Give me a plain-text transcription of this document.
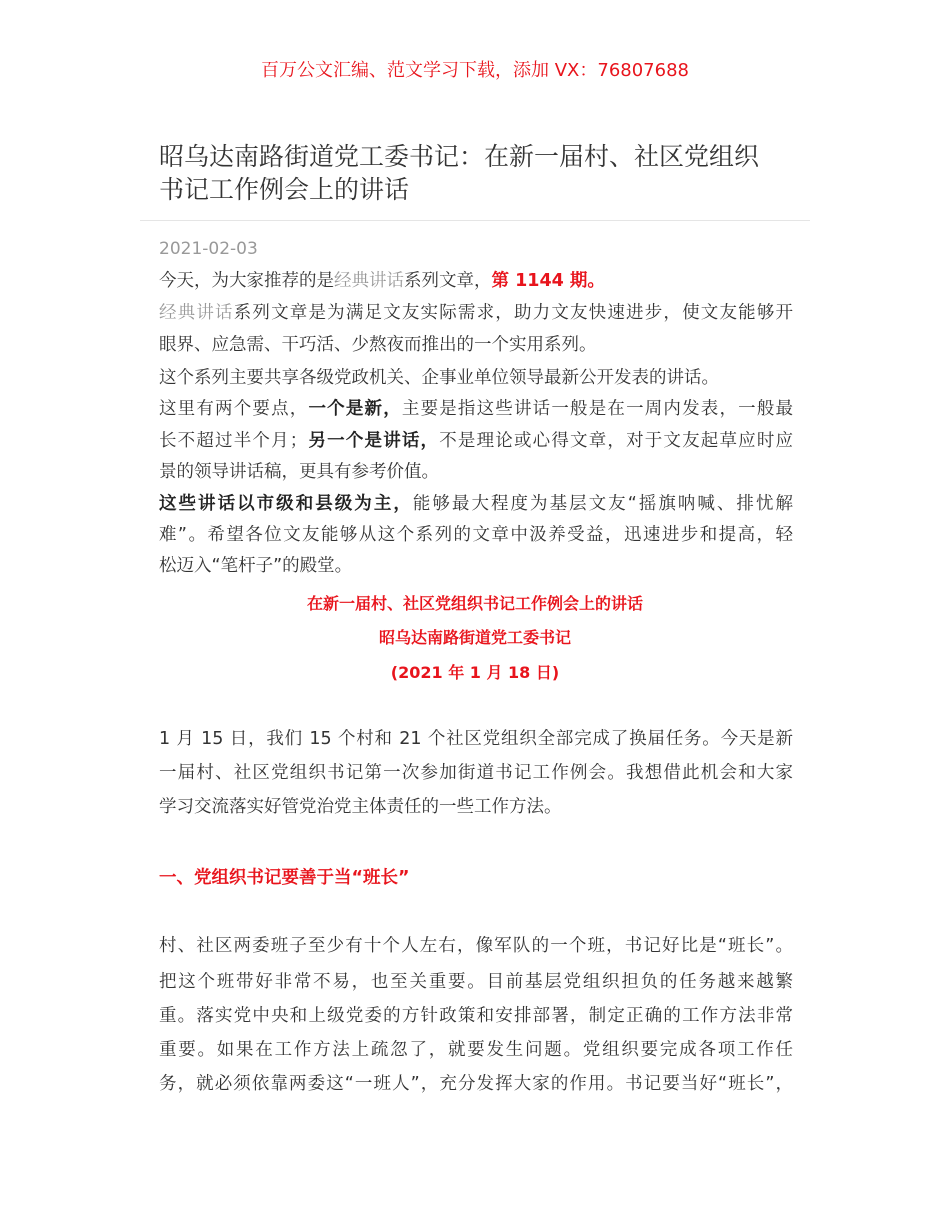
百万公文汇编、范文学习下载，添加 VX：76807688
昭乌达南路街道党工委书记：在新一届村、社区党组织
书记工作例会上的讲话
2021-02-03
今天，为大家推荐的是经典讲话系列文章，第 1144 期。
经典讲话系列文章是为满足文友实际需求，助力文友快速进步，使文友能够开
眼界、应急需、干巧活、少熬夜而推出的一个实用系列。
这个系列主要共享各级党政机关、企事业单位领导最新公开发表的讲话。
这里有两个要点，一个是新，主要是指这些讲话一般是在一周内发表，一般最
长不超过半个月；另一个是讲话，不是理论或心得文章，对于文友起草应时应
景的领导讲话稿，更具有参考价值。
这些讲话以市级和县级为主，能够最大程度为基层文友“摇旗呐喊、排忧解
难”。希望各位文友能够从这个系列的文章中汲养受益，迅速进步和提高，轻
松迈入“笔杆子”的殿堂。
在新一届村、社区党组织书记工作例会上的讲话
昭乌达南路街道党工委书记
(2021 年 1 月 18 日)
1 月 15 日，我们 15 个村和 21 个社区党组织全部完成了换届任务。今天是新
一届村、社区党组织书记第一次参加街道书记工作例会。我想借此机会和大家
学习交流落实好管党治党主体责任的一些工作方法。
一、党组织书记要善于当“班长”
村、社区两委班子至少有十个人左右，像军队的一个班，书记好比是“班长”。
把这个班带好非常不易，也至关重要。目前基层党组织担负的任务越来越繁
重。落实党中央和上级党委的方针政策和安排部署，制定正确的工作方法非常
重要。如果在工作方法上疏忽了，就要发生问题。党组织要完成各项工作任
务，就必须依靠两委这“一班人”，充分发挥大家的作用。书记要当好“班长”，
